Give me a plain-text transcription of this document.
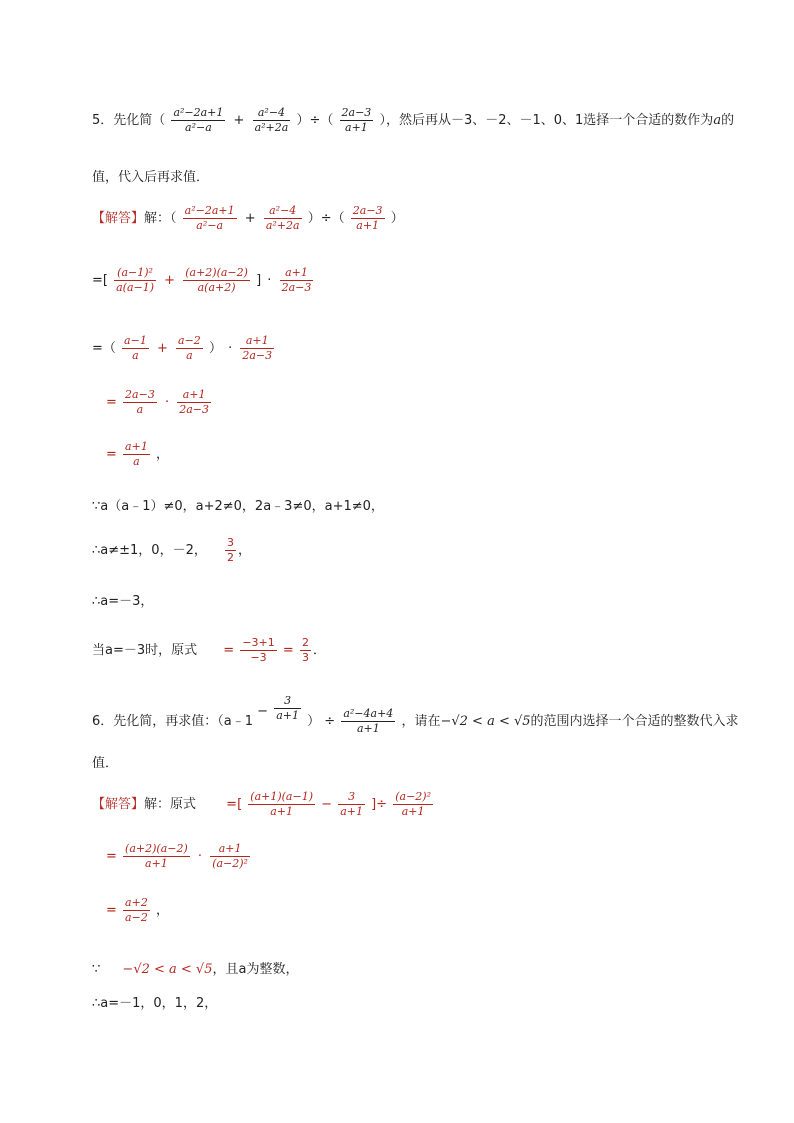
5．先化简（ $\frac{\text{a²−2a+1}}{\text{a²−a}} + \frac{\text{a²−4}}{\text{a²+2a}}$ ）÷（ $\frac{2a-3}{a+1}$ ），然后再从－3、－2、－1、0、1选择一个合适的数作为a的
值，代入后再求值．
【解答】解：（ $\frac{\text{a²−2a+1}}{\text{a²−a}} + \frac{\text{a²−4}}{\text{a²+2a}}$ ）÷（ $\frac{2a-3}{a+1}$ ）
=[ $\frac{\text{(a−1)²}}{a(a-1)} + \frac{(a+2)(a-2)}{a(a+2)}$ ] · $\frac{a+1}{2a-3}$
=（ $\frac{a-1}{a} + \frac{a-2}{a}$ ） · $\frac{a+1}{2a-3}$
= $\frac{2a-3}{a} \cdot \frac{a+1}{2a-3}$
= $\frac{a+1}{a}$ ，
∵a（a﹣1）≠0，a+2≠0，2a﹣3≠0，a+1≠0，
∴a≠±1，0，－2， $\frac{3}{2}$ ，
∴a=－3，
当a=－3时，原式 = $\frac{-3+1}{-3} = \frac{2}{3}$ ．
6．先化简，再求值：（a﹣1 − $\frac{3}{a+1}$ ） ÷ $\frac{\text{a²−4a+4}}{a+1}$ ，请在−√2 < a < √5的范围内选择一个合适的整数代入求
值．
【解答】解：原式 =[ $\frac{(a+1)(a-1)}{a+1} - \frac{3}{a+1}$ ]÷ $\frac{\text{(a−2)²}}{a+1}$
= $\frac{(a+2)(a-2)}{a+1} \cdot \frac{a+1}{\text{(a−2)²}}$
= $\frac{a+2}{a-2}$ ，
∵ −√2 < a < √5，且a为整数，
∴a=－1，0，1，2，
